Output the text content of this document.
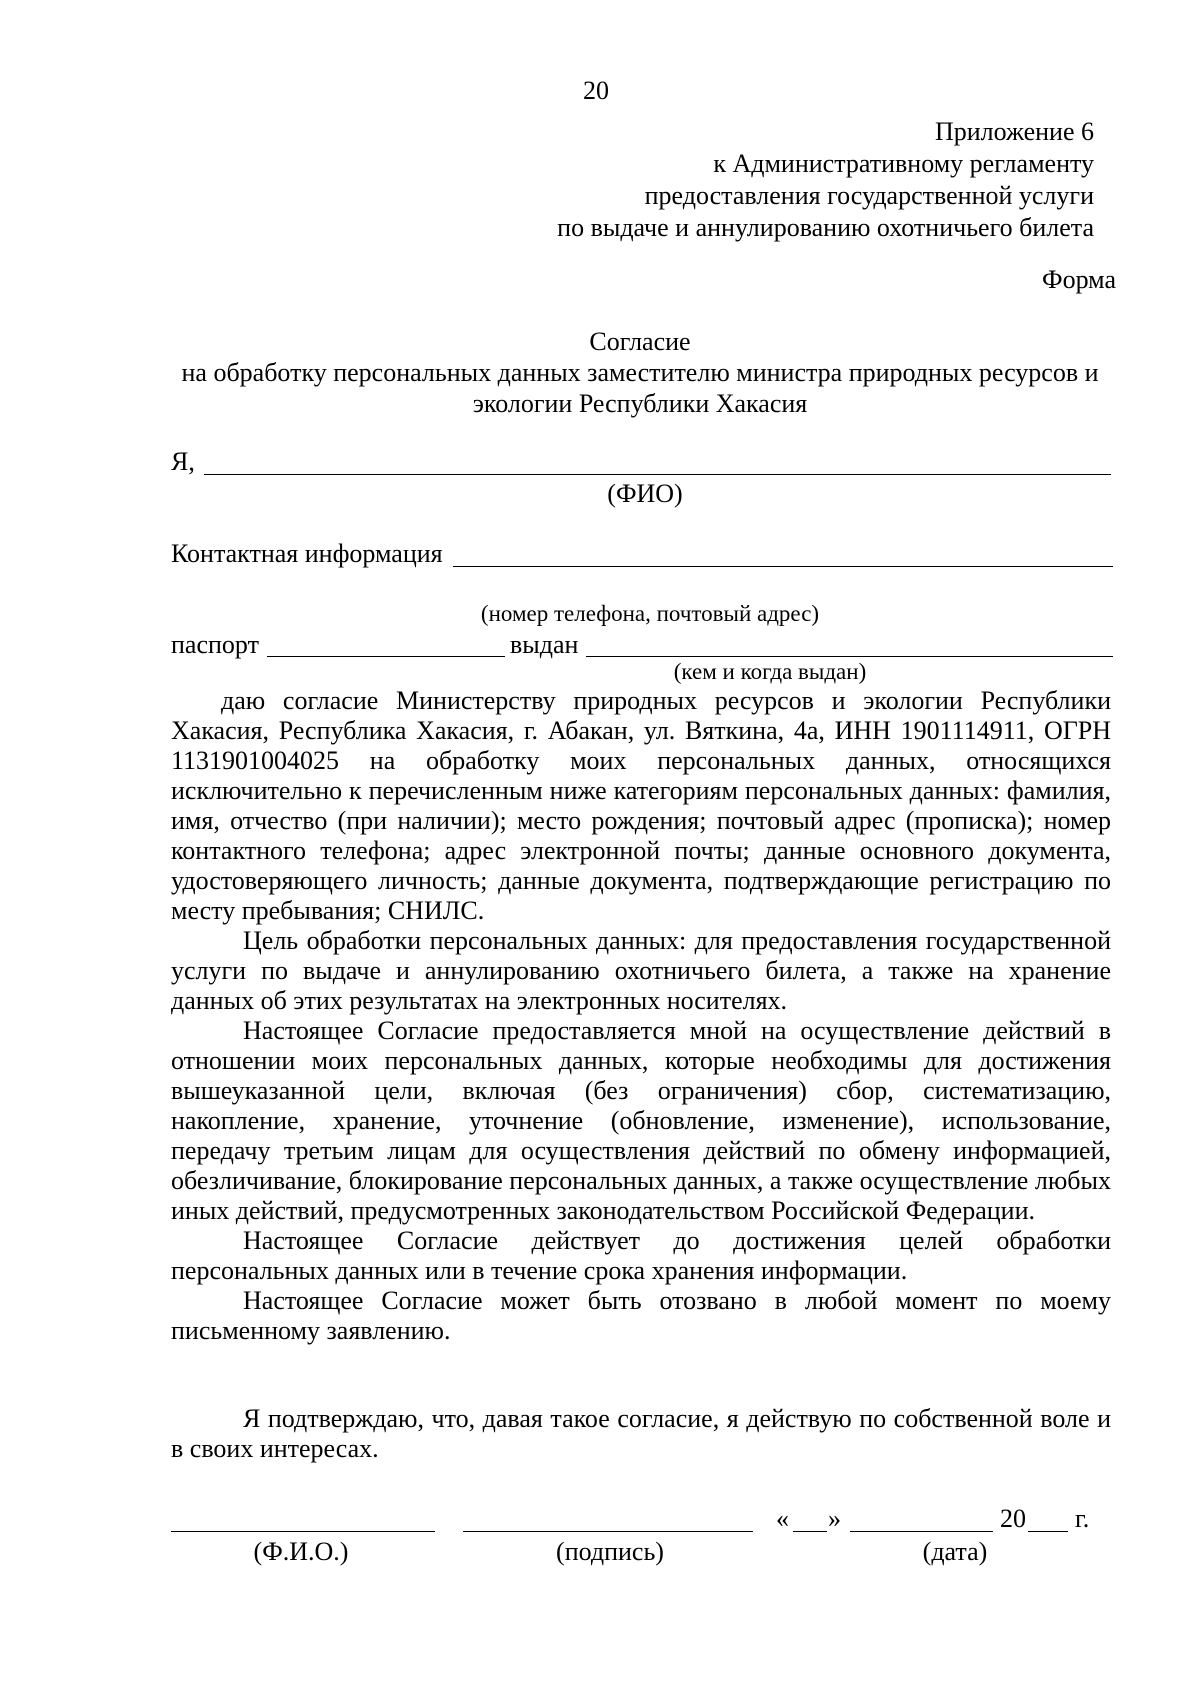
20
Приложение 6
к Административному регламенту
предоставления государственной услуги
по выдаче и аннулированию охотничьего билета
Форма
Согласие
на обработку персональных данных заместителю министра природных ресурсов и экологии Республики Хакасия
Я,
(ФИО)
Контактная информация
(номер телефона, почтовый адрес)
паспорт	выдан
(кем и когда выдан)

даю согласие Министерству природных ресурсов и экологии Республики Хакасия, Республика Хакасия, г. Абакан, ул. Вяткина, 4а, ИНН 1901114911, ОГРН 1131901004025 на обработку моих персональных данных, относящихся исключительно к перечисленным ниже категориям персональных данных: фамилия, имя, отчество (при наличии); место рождения; почтовый адрес (прописка); номер контактного телефона; адрес электронной почты; данные основного документа, удостоверяющего личность; данные документа, подтверждающие регистрацию по месту пребывания; СНИЛС.

Цель обработки персональных данных: для предоставления государственной услуги по выдаче и аннулированию охотничьего билета, а также на хранение данных об этих результатах на электронных носителях.

Настоящее Согласие предоставляется мной на осуществление действий в отношении моих персональных данных, которые необходимы для достижения вышеуказанной цели, включая (без ограничения) сбор, систематизацию, накопление, хранение, уточнение (обновление, изменение), использование, передачу третьим лицам для осуществления действий по обмену информацией, обезличивание, блокирование персональных данных, а также осуществление любых иных действий, предусмотренных законодательством Российской Федерации.

Настоящее Согласие действует до достижения целей обработки персональных данных или в течение срока хранения информации.

Настоящее Согласие может быть отозвано в любой момент по моему письменному заявлению.

Я подтверждаю, что, давая такое согласие, я действую по собственной воле и в своих интересах.
« »	20 г.
(Ф.И.О.)	(подпись)	(дата)
